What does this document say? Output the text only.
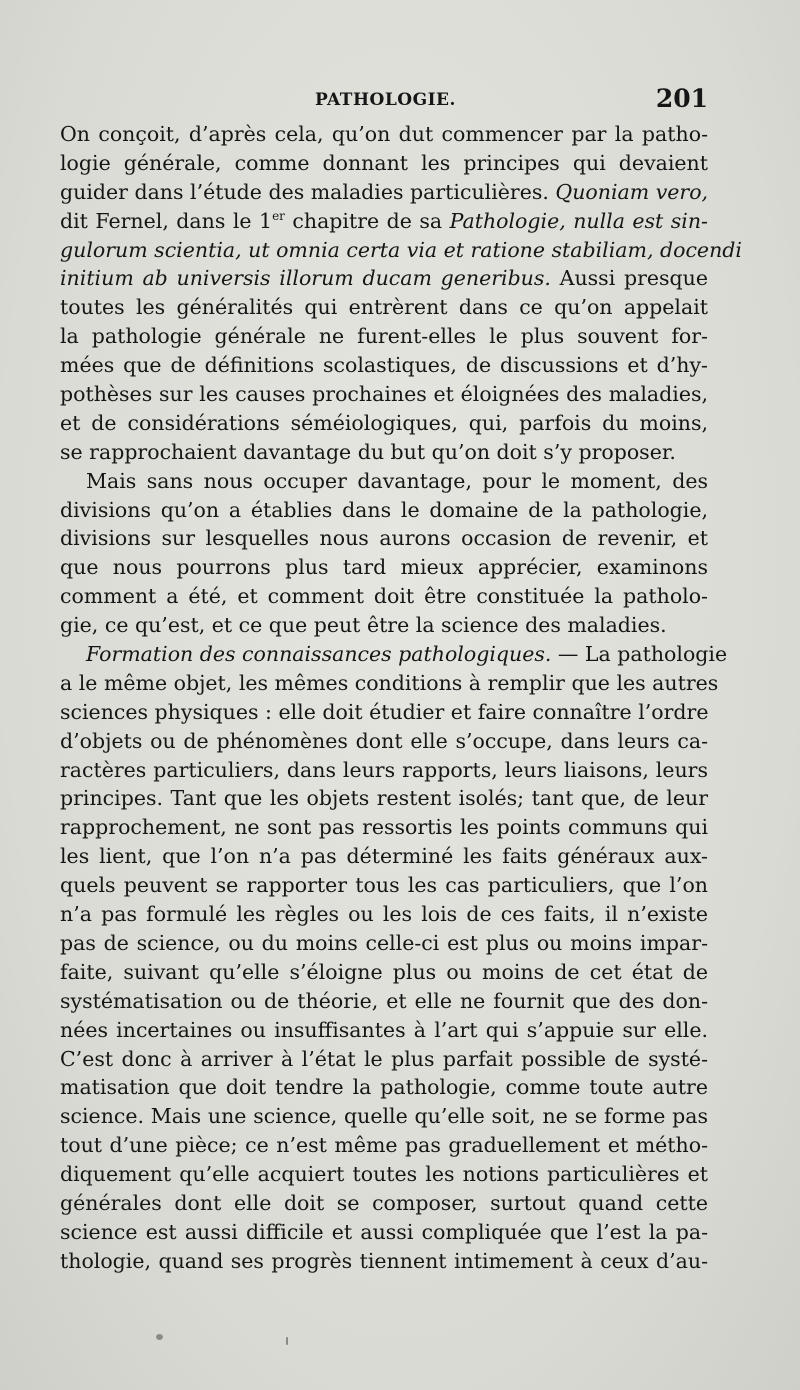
PATHOLOGIE.	201
On conçoit, d’après cela, qu’on dut commencer par la patho-
logie générale, comme donnant les principes qui devaient
guider dans l’étude des maladies particulières. Quoniam vero,
dit Fernel, dans le 1er chapitre de sa Pathologie, nulla est sin-
gulorum scientia, ut omnia certa via et ratione stabiliam, docendi
initium ab universis illorum ducam generibus. Aussi presque
toutes les généralités qui entrèrent dans ce qu’on appelait
la pathologie générale ne furent-elles le plus souvent for-
mées que de définitions scolastiques, de discussions et d’hy-
pothèses sur les causes prochaines et éloignées des maladies,
et de considérations séméiologiques, qui, parfois du moins,
se rapprochaient davantage du but qu’on doit s’y proposer.
Mais sans nous occuper davantage, pour le moment, des
divisions qu’on a établies dans le domaine de la pathologie,
divisions sur lesquelles nous aurons occasion de revenir, et
que nous pourrons plus tard mieux apprécier, examinons
comment a été, et comment doit être constituée la patholo-
gie, ce qu’est, et ce que peut être la science des maladies.
Formation des connaissances pathologiques. — La pathologie
a le même objet, les mêmes conditions à remplir que les autres
sciences physiques : elle doit étudier et faire connaître l’ordre
d’objets ou de phénomènes dont elle s’occupe, dans leurs ca-
ractères particuliers, dans leurs rapports, leurs liaisons, leurs
principes. Tant que les objets restent isolés; tant que, de leur
rapprochement, ne sont pas ressortis les points communs qui
les lient, que l’on n’a pas déterminé les faits généraux aux-
quels peuvent se rapporter tous les cas particuliers, que l’on
n’a pas formulé les règles ou les lois de ces faits, il n’existe
pas de science, ou du moins celle-ci est plus ou moins impar-
faite, suivant qu’elle s’éloigne plus ou moins de cet état de
systématisation ou de théorie, et elle ne fournit que des don-
nées incertaines ou insuffisantes à l’art qui s’appuie sur elle.
C’est donc à arriver à l’état le plus parfait possible de systé-
matisation que doit tendre la pathologie, comme toute autre
science. Mais une science, quelle qu’elle soit, ne se forme pas
tout d’une pièce; ce n’est même pas graduellement et métho-
diquement qu’elle acquiert toutes les notions particulières et
générales dont elle doit se composer, surtout quand cette
science est aussi difficile et aussi compliquée que l’est la pa-
thologie, quand ses progrès tiennent intimement à ceux d’au-
